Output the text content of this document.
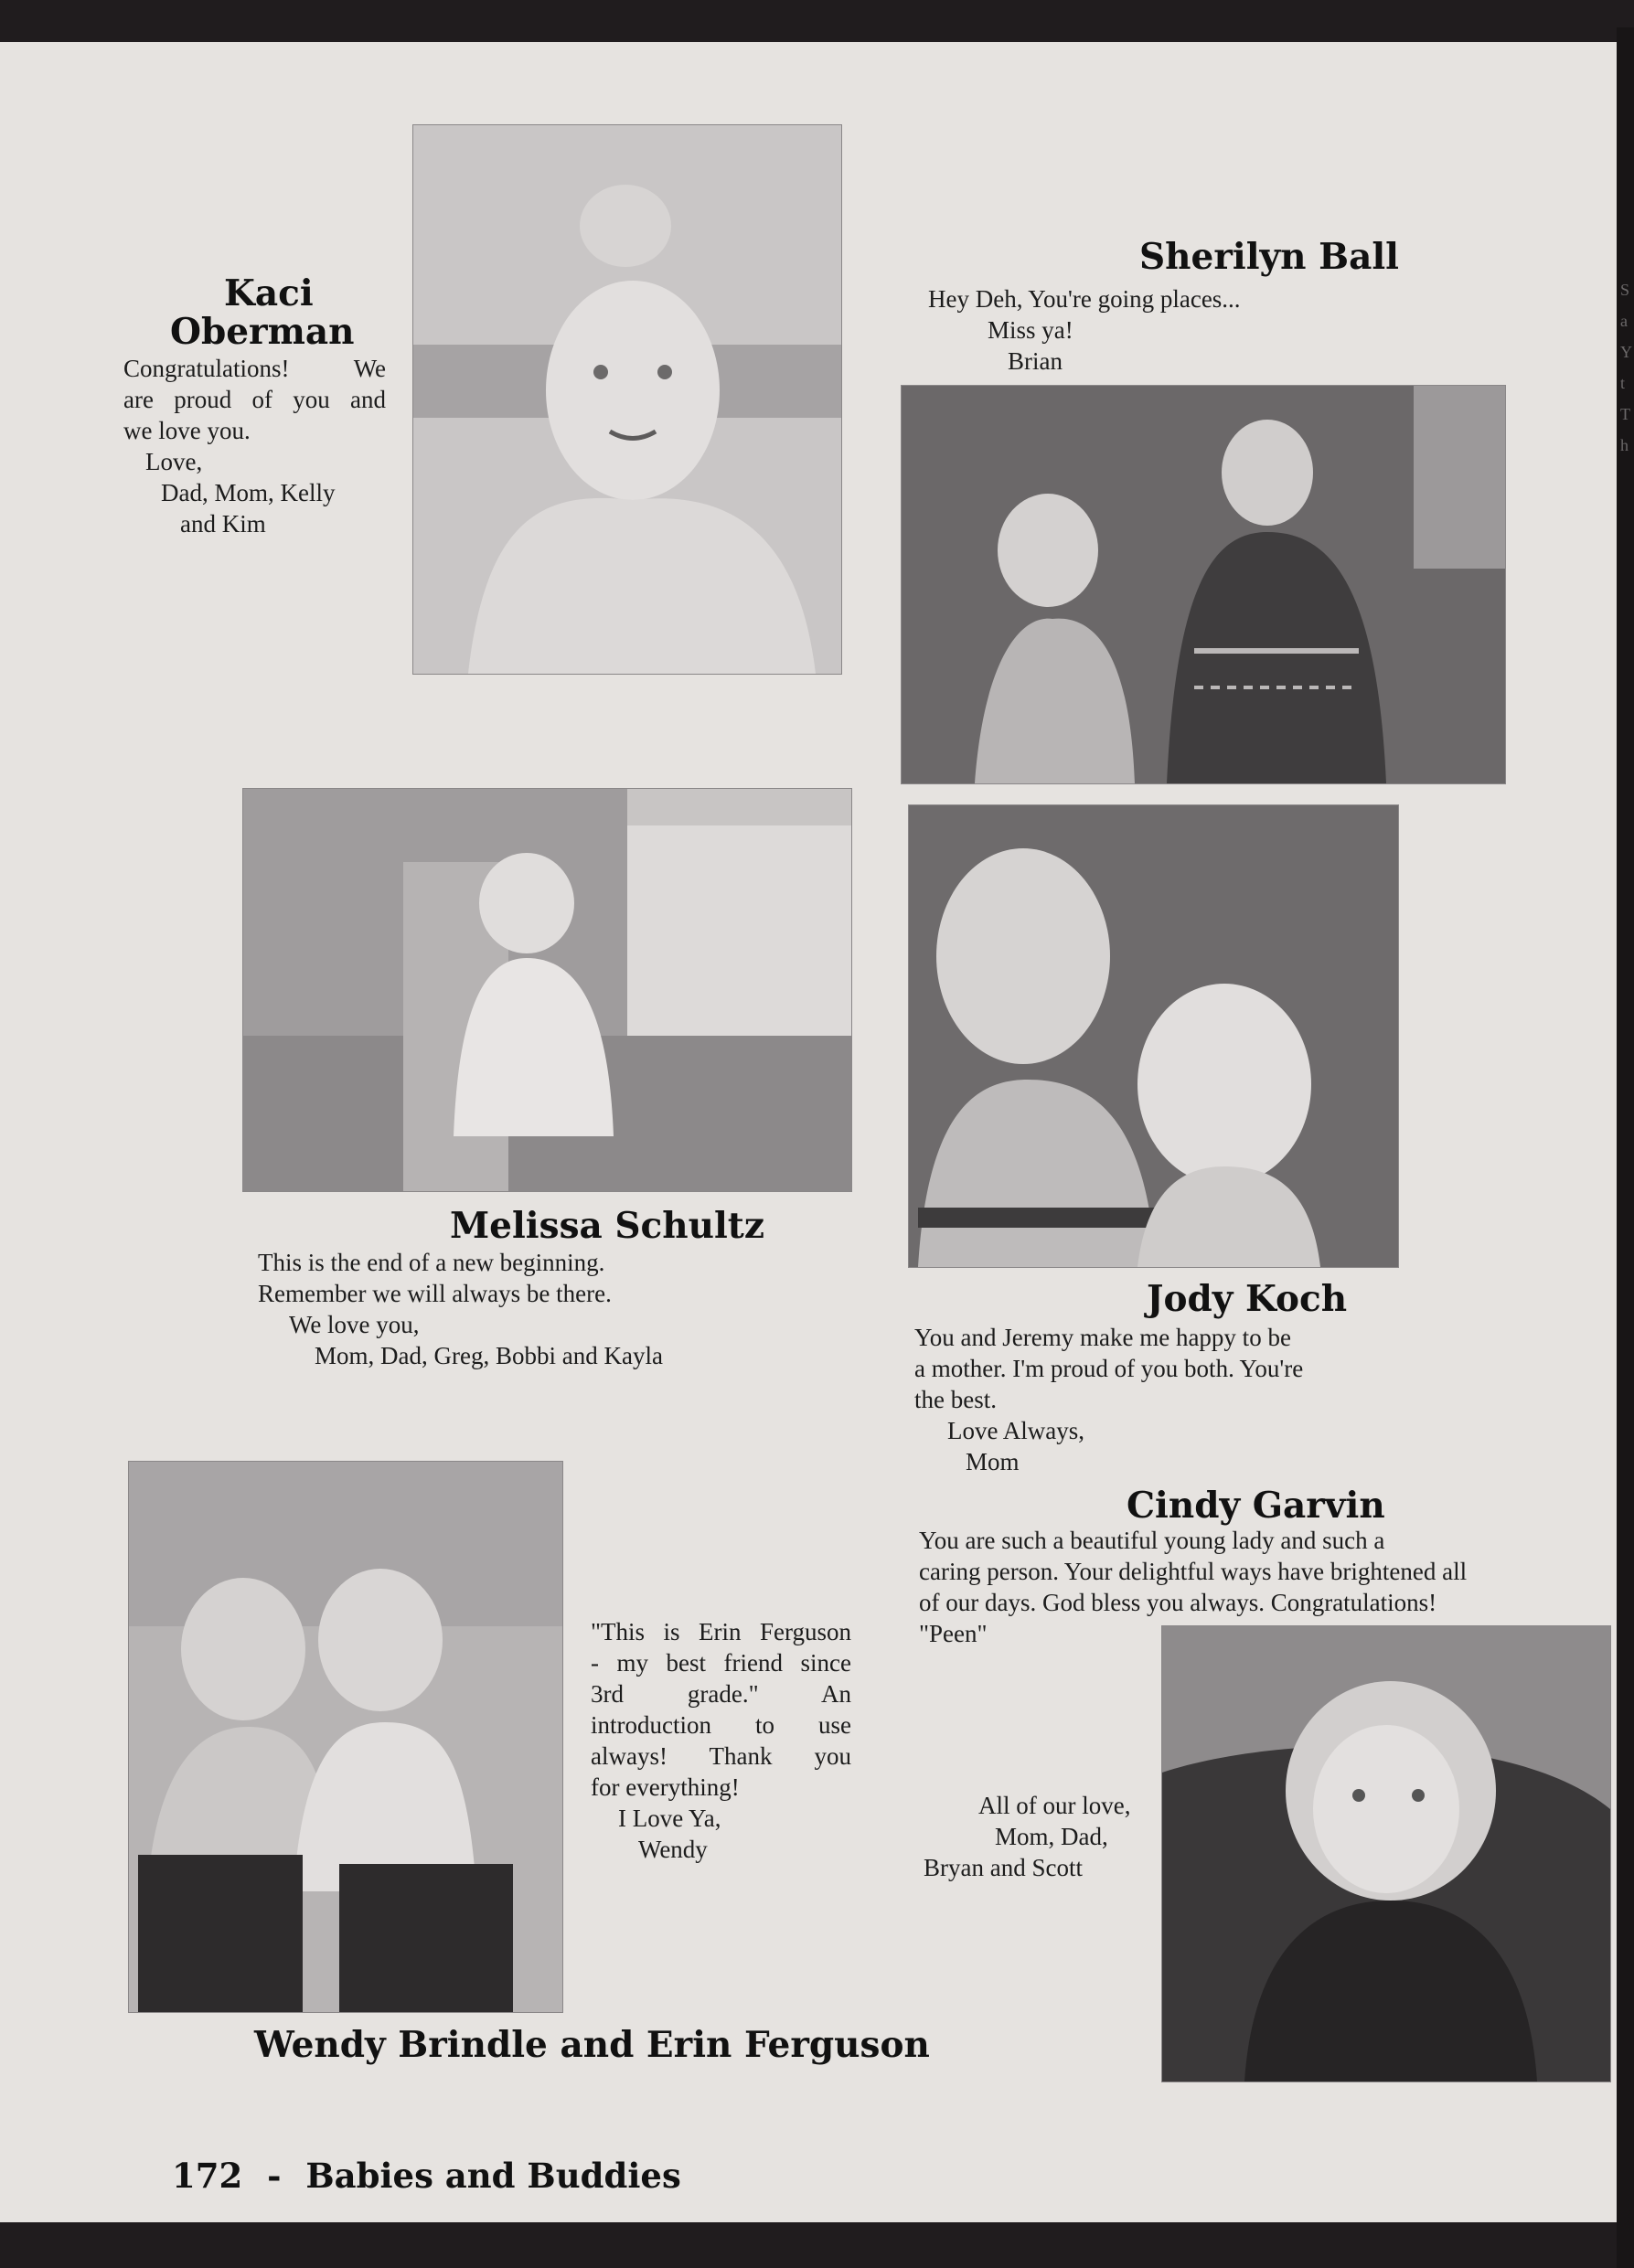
Kaci
Oberman

Congratulations! We

are proud of you and

we love you.

Love,

Dad, Mom, Kelly

and Kim

Sherilyn Ball

Hey Deh, You're going places...

Miss ya!

Brian

Melissa Schultz

This is the end of a new beginning.

Remember we will always be there.

We love you,

Mom, Dad, Greg, Bobbi and Kayla

Jody Koch

You and Jeremy make me happy to be

a mother. I'm proud of you both. You're

the best.

Love Always,

Mom

Cindy Garvin

You are such a beautiful young lady and such a

caring person. Your delightful ways have brightened all

of our days. God bless you always. Congratulations!

"Peen"

All of our love,

Mom, Dad,

Bryan and Scott

"This is Erin Ferguson

- my best friend since

3rd grade." An

introduction to use

always! Thank you

for everything!

I Love Ya,

Wendy

Wendy Brindle and Erin Ferguson
172 - Babies and Buddies
S
a
Y
t
T
h
